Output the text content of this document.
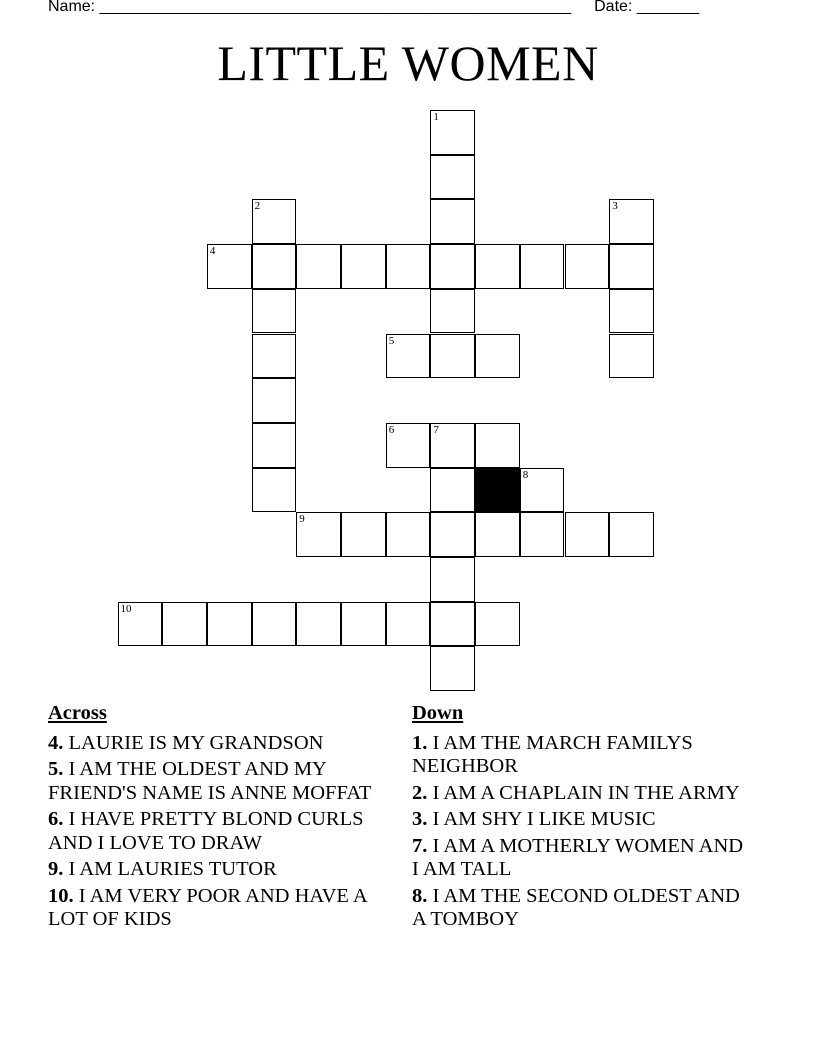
Name: _____________________________________________________ Date: _______
LITTLE WOMEN
1
7
2	3
4
5
6
8
9
10
Across
4. LAURIE IS MY GRANDSON
5. I AM THE OLDEST AND MY FRIEND'S NAME IS ANNE MOFFAT
6. I HAVE PRETTY BLOND CURLS AND I LOVE TO DRAW
9. I AM LAURIES TUTOR
10. I AM VERY POOR AND HAVE A LOT OF KIDS
Down
1. I AM THE MARCH FAMILYS NEIGHBOR
2. I AM A CHAPLAIN IN THE ARMY
3. I AM SHY I LIKE MUSIC
7. I AM A MOTHERLY WOMEN AND I AM TALL
8. I AM THE SECOND OLDEST AND A TOMBOY
